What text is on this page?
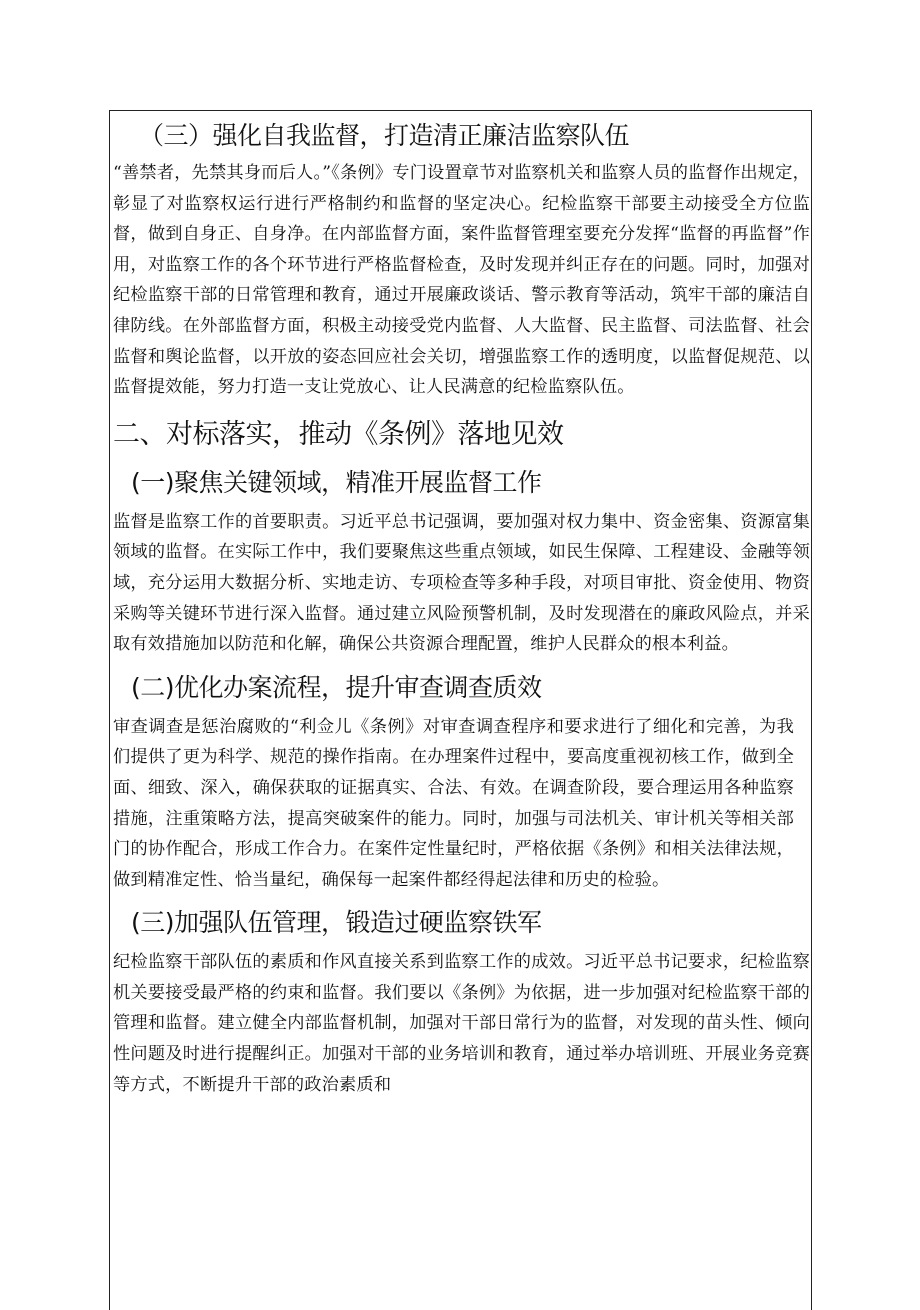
（三）强化自我监督，打造清正廉洁监察队伍

“善禁者，先禁其身而后人。”《条例》专门设置章节对监察机关和监察人员的监督作出规定，彰显了对监察权运行进行严格制约和监督的坚定决心。纪检监察干部要主动接受全方位监督，做到自身正、自身净。在内部监督方面，案件监督管理室要充分发挥“监督的再监督”作用，对监察工作的各个环节进行严格监督检查，及时发现并纠正存在的问题。同时，加强对纪检监察干部的日常管理和教育，通过开展廉政谈话、警示教育等活动，筑牢干部的廉洁自律防线。在外部监督方面，积极主动接受党内监督、人大监督、民主监督、司法监督、社会监督和舆论监督，以开放的姿态回应社会关切，增强监察工作的透明度，以监督促规范、以监督提效能，努力打造一支让党放心、让人民满意的纪检监察队伍。

二、对标落实，推动《条例》落地见效
(一)聚焦关键领域，精准开展监督工作

监督是监察工作的首要职责。习近平总书记强调，要加强对权力集中、资金密集、资源富集领域的监督。在实际工作中，我们要聚焦这些重点领域，如民生保障、工程建设、金融等领域，充分运用大数据分析、实地走访、专项检查等多种手段，对项目审批、资金使用、物资采购等关键环节进行深入监督。通过建立风险预警机制，及时发现潜在的廉政风险点，并采取有效措施加以防范和化解，确保公共资源合理配置，维护人民群众的根本利益。

(二)优化办案流程，提升审查调查质效

审查调查是惩治腐败的“利佥儿《条例》对审查调查程序和要求进行了细化和完善，为我们提供了更为科学、规范的操作指南。在办理案件过程中，要高度重视初核工作，做到全面、细致、深入，确保获取的证据真实、合法、有效。在调查阶段，要合理运用各种监察措施，注重策略方法，提高突破案件的能力。同时，加强与司法机关、审计机关等相关部门的协作配合，形成工作合力。在案件定性量纪时，严格依据《条例》和相关法律法规，做到精准定性、恰当量纪，确保每一起案件都经得起法律和历史的检验。

(三)加强队伍管理，锻造过硬监察铁军

纪检监察干部队伍的素质和作风直接关系到监察工作的成效。习近平总书记要求，纪检监察机关要接受最严格的约束和监督。我们要以《条例》为依据，进一步加强对纪检监察干部的管理和监督。建立健全内部监督机制，加强对干部日常行为的监督，对发现的苗头性、倾向性问题及时进行提醒纠正。加强对干部的业务培训和教育，通过举办培训班、开展业务竞赛等方式，不断提升干部的政治素质和
